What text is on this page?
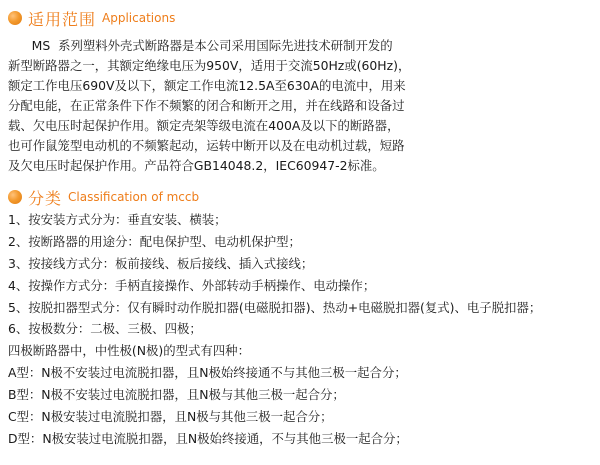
适用范围 Applications
MS  系列塑料外壳式断路器是本公司采用国际先进技术研制开发的
新型断路器之一，其额定绝缘电压为950V，适用于交流50Hz或(60Hz)，
额定工作电压690V及以下，额定工作电流12.5A至630A的电流中，用来
分配电能，在正常条件下作不频繁的闭合和断开之用，并在线路和设备过
载、欠电压时起保护作用。额定壳架等级电流在400A及以下的断路器，
也可作鼠笼型电动机的不频繁起动，运转中断开以及在电动机过载，短路
及欠电压时起保护作用。产品符合GB14048.2，IEC60947-2标准。
分类 Classification of mccb
1、按安装方式分为：垂直安装、横装；
2、按断路器的用途分：配电保护型、电动机保护型；
3、按接线方式分：板前接线、板后接线、插入式接线；
4、按操作方式分：手柄直接操作、外部转动手柄操作、电动操作；
5、按脱扣器型式分：仅有瞬时动作脱扣器(电磁脱扣器)、热动+电磁脱扣器(复式)、电子脱扣器；
6、按极数分：二极、三极、四极；
四极断路器中，中性极(N极)的型式有四种：
A型：N极不安装过电流脱扣器，且N极始终接通不与其他三极一起合分；
B型：N极不安装过电流脱扣器，且N极与其他三极一起合分；
C型：N极安装过电流脱扣器，且N极与其他三极一起合分；
D型：N极安装过电流脱扣器，且N极始终接通，不与其他三极一起合分；
